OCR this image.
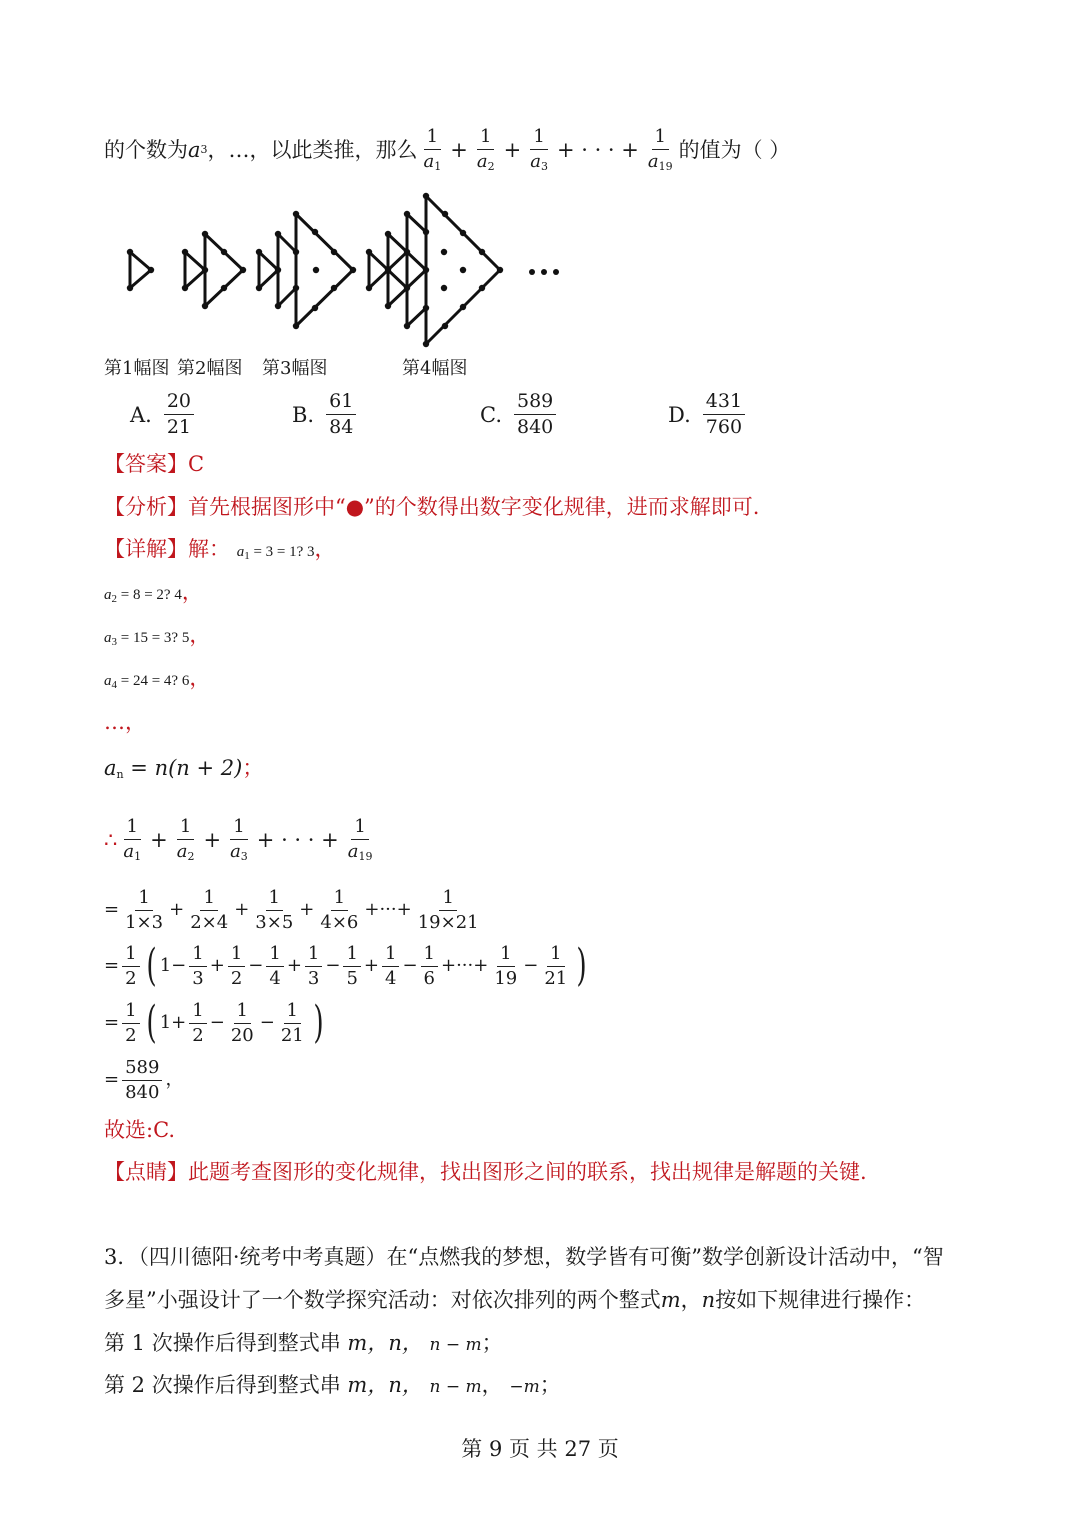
的个数为 a 3 ，…，以此类推，那么 $\frac{1}{a_1} + \frac{1}{a_2} + \frac{1}{a_3}$ + · · · + $\frac{1}{a_{19}}$ 的值为（ ）
第1幅图 第2幅图 第3幅图	第4幅图
A. $\frac{20}{21}$	B. $\frac{61}{84}$	C. $\frac{589}{840}$	D. $\frac{431}{760}$
【答案】C
【分析】首先根据图形中“●”的个数得出数字变化规律，进而求解即可.
【详解】解： $a_1 = 3 = 1$? 3，
$a_2 = 8 = 2$? 4，
$a_3 = 15 = 3$? 5，
$a_4 = 24 = 4$? 6，
…，
$a_n = n(n + 2)$；
∴ $\frac{1}{a_1} + \frac{1}{a_2} + \frac{1}{a_3}$ + · · · + $\frac{1}{a_{19}}$
= $\frac{1}{1\times 3} + \frac{1}{2\times 4} + \frac{1}{3\times 5} + \frac{1}{4\times 6}$ +···+ $\frac{1}{19\times 21}$
= $\frac{1}{2}$ ( $1 - \frac{1}{3} + \frac{1}{2} - \frac{1}{4} + \frac{1}{3} - \frac{1}{5} + \frac{1}{4} - \frac{1}{6}$ +···+ $\frac{1}{19} - \frac{1}{21}$ )
= $\frac{1}{2}$ ( $1 + \frac{1}{2} - \frac{1}{20} - \frac{1}{21}$ )
= $\frac{589}{840}$ ，
故选:C.
【点睛】此题考查图形的变化规律，找出图形之间的联系，找出规律是解题的关键.
3．（四川德阳·统考中考真题）在“点燃我的梦想，数学皆有可衡”数学创新设计活动中，“智
多星”小强设计了一个数学探究活动：对依次排列的两个整式m，n按如下规律进行操作：
第 1 次操作后得到整式串 m，n， n − m；
第 2 次操作后得到整式串 m，n， n − m， −m；
第 9 页 共 27 页
